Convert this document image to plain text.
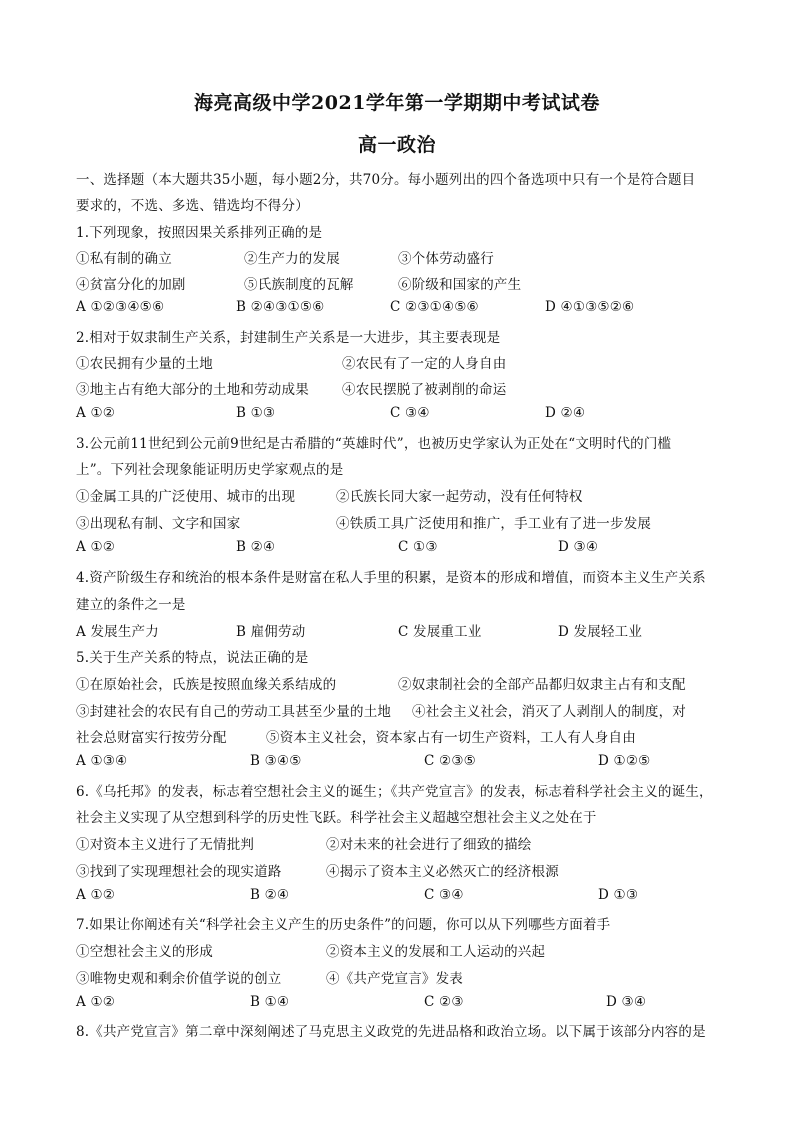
海亮高级中学2021学年第一学期期中考试试卷
高一政治
一、选择题（本大题共35小题，每小题2分，共70分。每小题列出的四个备选项中只有一个是符合题目
要求的，不选、多选、错选均不得分）
1.下列现象，按照因果关系排列正确的是
①私有制的确立	②生产力的发展	③个体劳动盛行
④贫富分化的加剧	⑤氏族制度的瓦解	⑥阶级和国家的产生
A ①②③④⑤⑥	B ②④③①⑤⑥	C ②③①④⑤⑥	D ④①③⑤②⑥
2.相对于奴隶制生产关系，封建制生产关系是一大进步，其主要表现是
①农民拥有少量的土地	②农民有了一定的人身自由
③地主占有绝大部分的土地和劳动成果 ④农民摆脱了被剥削的命运
A ①②	B ①③	C ③④	D ②④
3.公元前11世纪到公元前9世纪是古希腊的“英雄时代”，也被历史学家认为正处在“文明时代的门槛
上”。下列社会现象能证明历史学家观点的是
①金属工具的广泛使用、城市的出现	②氏族长同大家一起劳动，没有任何特权
③出现私有制、文字和国家	④铁质工具广泛使用和推广，手工业有了进一步发展
A ①②	B ②④	C ①③	D ③④
4.资产阶级生存和统治的根本条件是财富在私人手里的积累，是资本的形成和增值，而资本主义生产关系
建立的条件之一是
A 发展生产力	B 雇佣劳动	C 发展重工业	D 发展轻工业
5.关于生产关系的特点，说法正确的是
①在原始社会，氏族是按照血缘关系结成的	②奴隶制社会的全部产品都归奴隶主占有和支配
③封建社会的农民有自己的劳动工具甚至少量的土地 ④社会主义社会，消灭了人剥削人的制度，对
社会总财富实行按劳分配	⑤资本主义社会，资本家占有一切生产资料，工人有人身自由
A ①③④	B ③④⑤	C ②③⑤	D ①②⑤
6.《乌托邦》的发表，标志着空想社会主义的诞生；《共产党宣言》的发表，标志着科学社会主义的诞生，
社会主义实现了从空想到科学的历史性飞跃。科学社会主义超越空想社会主义之处在于
①对资本主义进行了无情批判	②对未来的社会进行了细致的描绘
③找到了实现理想社会的现实道路	④揭示了资本主义必然灭亡的经济根源
A ①②	B ②④	C ③④	D ①③
7.如果让你阐述有关“科学社会主义产生的历史条件”的问题，你可以从下列哪些方面着手
①空想社会主义的形成	②资本主义的发展和工人运动的兴起
③唯物史观和剩余价值学说的创立	④《共产党宣言》发表
A ①②	B ①④	C ②③	D ③④
8.《共产党宣言》第二章中深刻阐述了马克思主义政党的先进品格和政治立场。以下属于该部分内容的是
